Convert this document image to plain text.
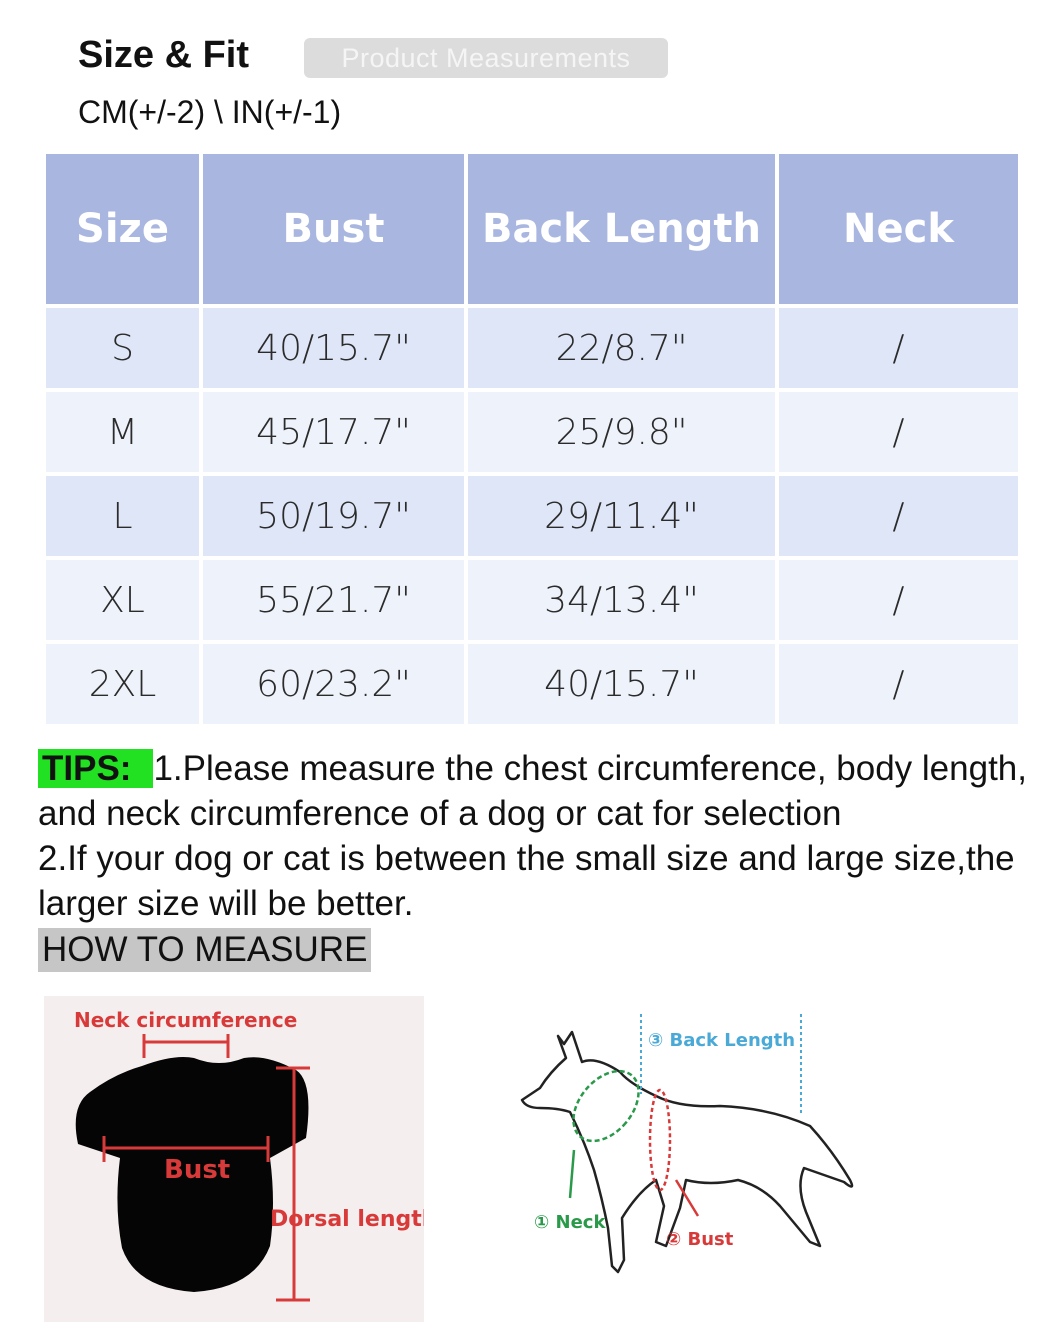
Size & Fit	Product Measurements
CM(+/-2) \ IN(+/-1)
Size	Bust	Back Length	Neck
S	40/15.7"	22/8.7"	/
M	45/17.7"	25/9.8"	/
L	50/19.7"	29/11.4"	/
XL	55/21.7"	34/13.4"	/
2XL	60/23.2"	40/15.7"	/
TIPS: 1.Please measure the chest circumference, body length, and neck circumference of a dog or cat for selection
2.If your dog or cat is between the small size and large size,the larger size will be better.
HOW TO MEASURE
Neck circumference
Bust
Dorsal length
③ Back Length
① Neck
② Bust
